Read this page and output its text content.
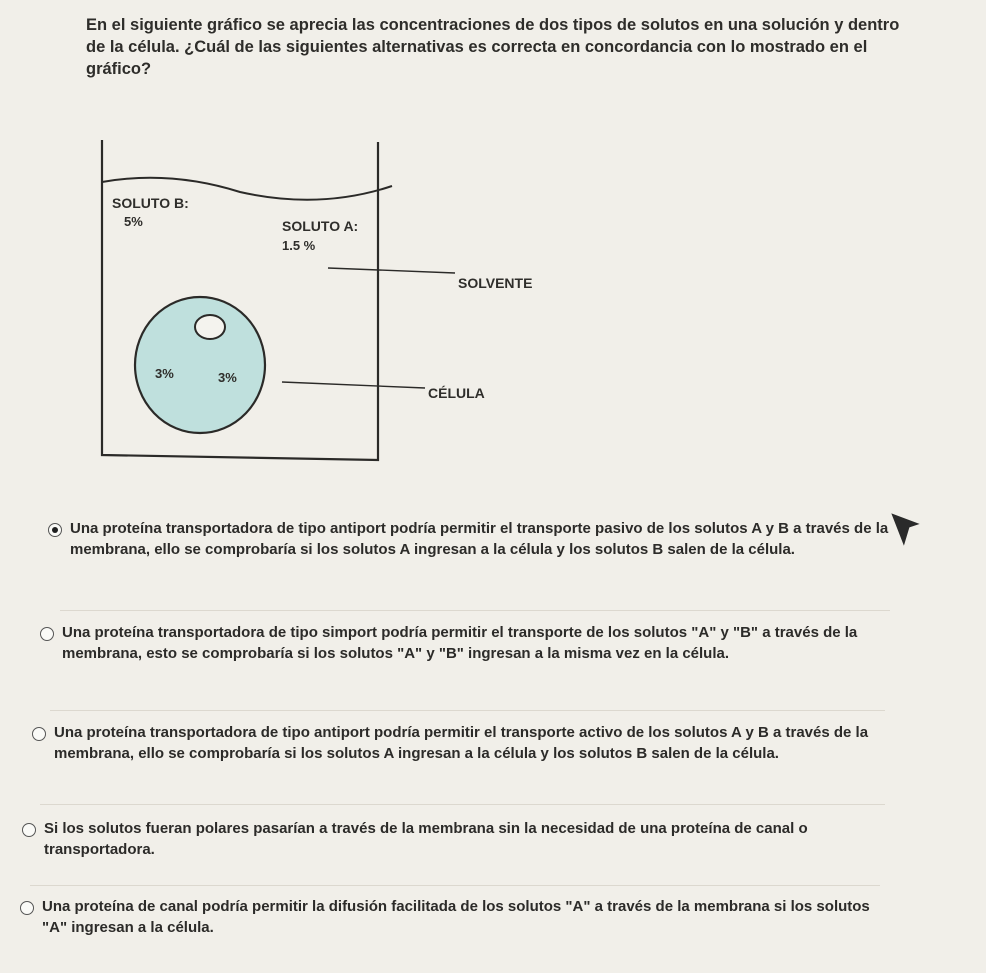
En el siguiente gráfico se aprecia las concentraciones de dos tipos de solutos en una solución y dentro de la célula. ¿Cuál de las siguientes alternativas es correcta en concordancia con lo mostrado en el gráfico?

SOLUTO B:
5%	SOLUTO A:
1.5 %
SOLVENTE
3%	3%
CÉLULA
Una proteína transportadora de tipo antiport podría permitir el transporte pasivo de los solutos A y B a través de la membrana, ello se comprobaría si los solutos A ingresan a la célula y los solutos B salen de la célula.
Una proteína transportadora de tipo simport podría permitir el transporte de los solutos "A" y "B" a través de la membrana, esto se comprobaría si los solutos "A" y "B" ingresan a la misma vez en la célula.
Una proteína transportadora de tipo antiport podría permitir el transporte activo de los solutos A y B a través de la membrana, ello se comprobaría si los solutos A ingresan a la célula y los solutos B salen de la célula.
Si los solutos fueran polares pasarían a través de la membrana sin la necesidad de una proteína de canal o transportadora.
Una proteína de canal podría permitir la difusión facilitada de los solutos "A" a través de la membrana si los solutos "A" ingresan a la célula.
